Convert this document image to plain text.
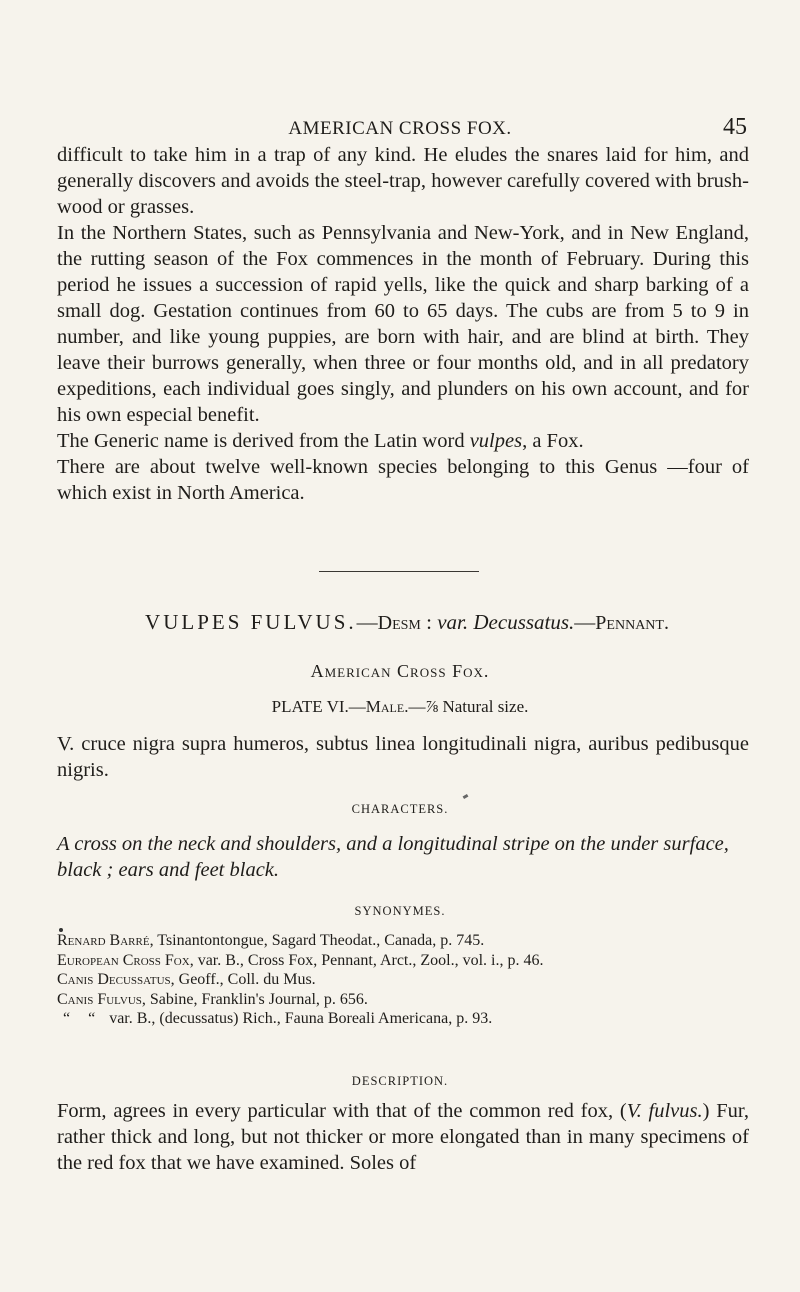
AMERICAN CROSS FOX.	45

difficult to take him in a trap of any kind. He eludes the snares laid for him, and generally discovers and avoids the steel-trap, however carefully covered with brush-wood or grasses.

In the Northern States, such as Pennsylvania and New-York, and in New England, the rutting season of the Fox commences in the month of February. During this period he issues a succession of rapid yells, like the quick and sharp barking of a small dog. Gestation continues from 60 to 65 days. The cubs are from 5 to 9 in number, and like young puppies, are born with hair, and are blind at birth. They leave their burrows generally, when three or four months old, and in all predatory expeditions, each individual goes singly, and plunders on his own account, and for his own especial benefit.

The Generic name is derived from the Latin word vulpes, a Fox.

There are about twelve well-known species belonging to this Genus —four of which exist in North America.

VULPES FULVUS.—Desm : var. Decussatus.—Pennant.
American Cross Fox.
PLATE VI.—Male.—⅞ Natural size.

V. cruce nigra supra humeros, subtus linea longitudinali nigra, auribus pedibusque nigris.

CHARACTERS.

A cross on the neck and shoulders, and a longitudinal stripe on the under surface, black ; ears and feet black.

SYNONYMES.
Renard Barré, Tsinantontongue, Sagard Theodat., Canada, p. 745.
European Cross Fox, var. B., Cross Fox, Pennant, Arct., Zool., vol. i., p. 46.
Canis Decussatus, Geoff., Coll. du Mus.
Canis Fulvus, Sabine, Franklin's Journal, p. 656.
“ “ var. B., (decussatus) Rich., Fauna Boreali Americana, p. 93.
DESCRIPTION.

Form, agrees in every particular with that of the common red fox, (V. fulvus.) Fur, rather thick and long, but not thicker or more elongated than in many specimens of the red fox that we have examined. Soles of
